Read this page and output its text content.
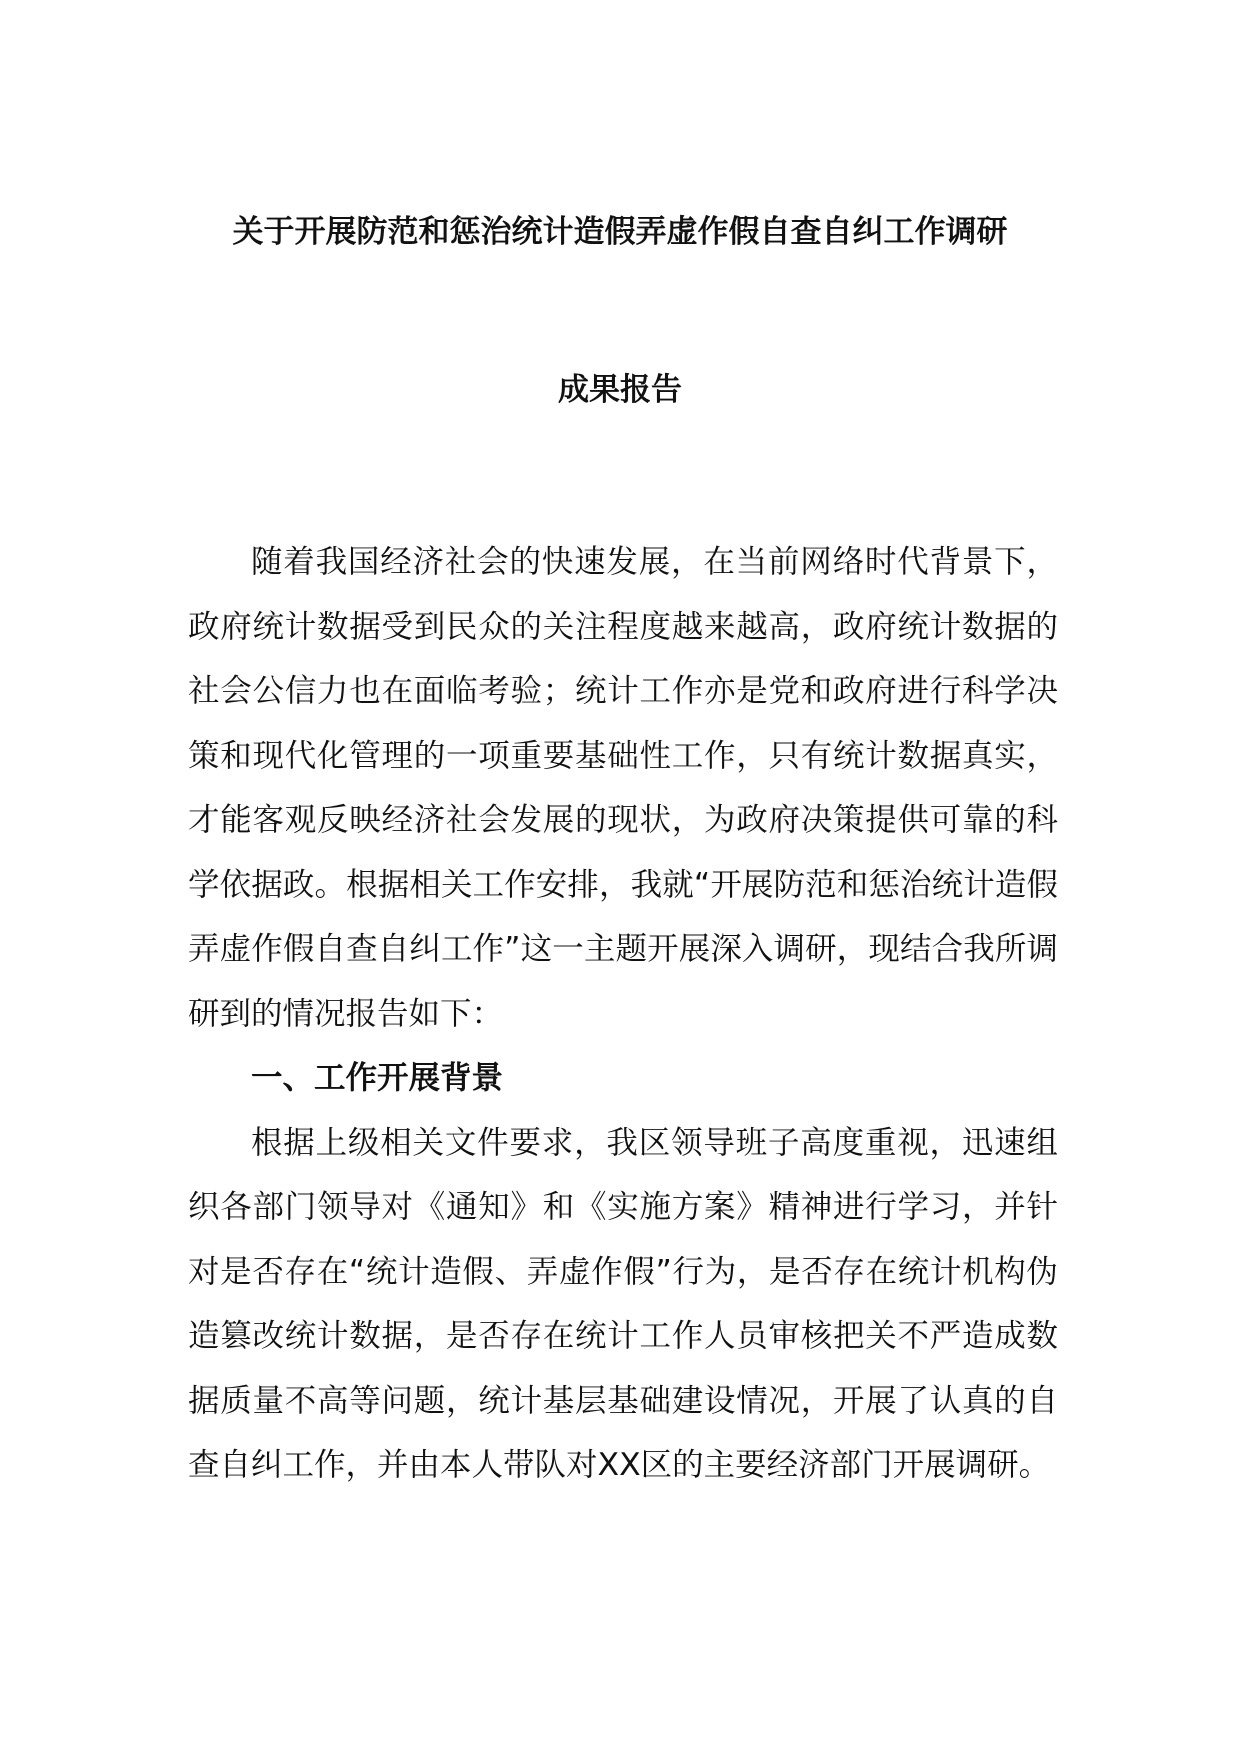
关于开展防范和惩治统计造假弄虚作假自查自纠工作调研
成果报告

随着我国经济社会的快速发展，在当前网络时代背景下，政府统计数据受到民众的关注程度越来越高，政府统计数据的社会公信力也在面临考验；统计工作亦是党和政府进行科学决策和现代化管理的一项重要基础性工作，只有统计数据真实，才能客观反映经济社会发展的现状，为政府决策提供可靠的科学依据政。根据相关工作安排，我就“开展防范和惩治统计造假弄虚作假自查自纠工作”这一主题开展深入调研，现结合我所调研到的情况报告如下：

一、工作开展背景

根据上级相关文件要求，我区领导班子高度重视，迅速组织各部门领导对《通知》和《实施方案》精神进行学习，并针对是否存在“统计造假、弄虚作假”行为，是否存在统计机构伪造篡改统计数据，是否存在统计工作人员审核把关不严造成数据质量不高等问题，统计基层基础建设情况，开展了认真的自查自纠工作，并由本人带队对XX区的主要经济部门开展调研。
